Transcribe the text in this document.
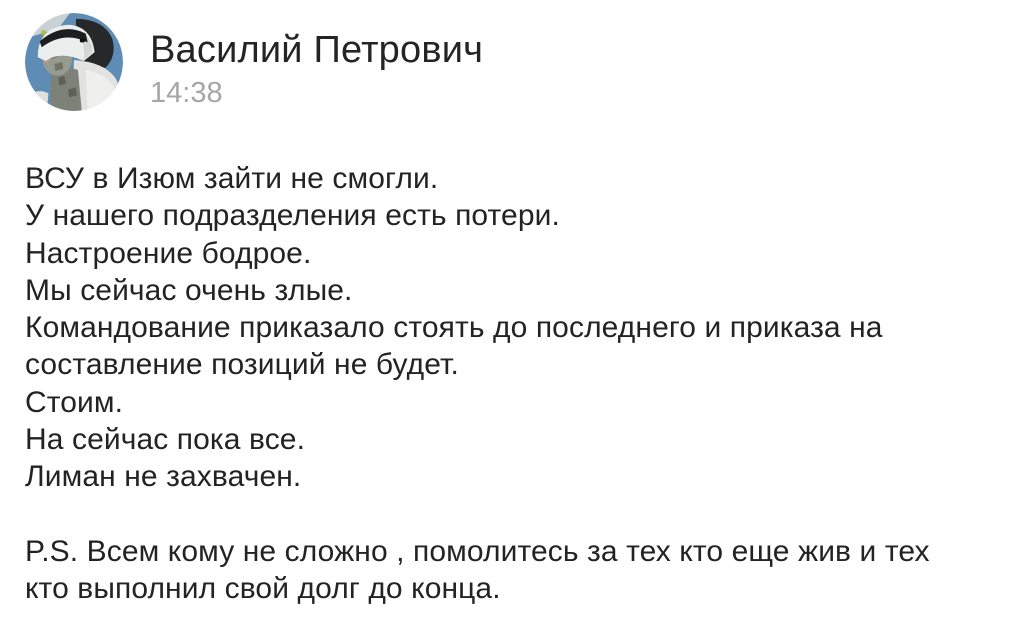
Василий Петрович
14:38
ВСУ в Изюм зайти не смогли.
У нашего подразделения есть потери.
Настроение бодрое.
Мы сейчас очень злые.
Командование приказало стоять до последнего и приказа на
составление позиций не будет.
Стоим.
На сейчас пока все.
Лиман не захвачен.

P.S. Всем кому не сложно , помолитесь за тех кто еще жив и тех
кто выполнил свой долг до конца.
